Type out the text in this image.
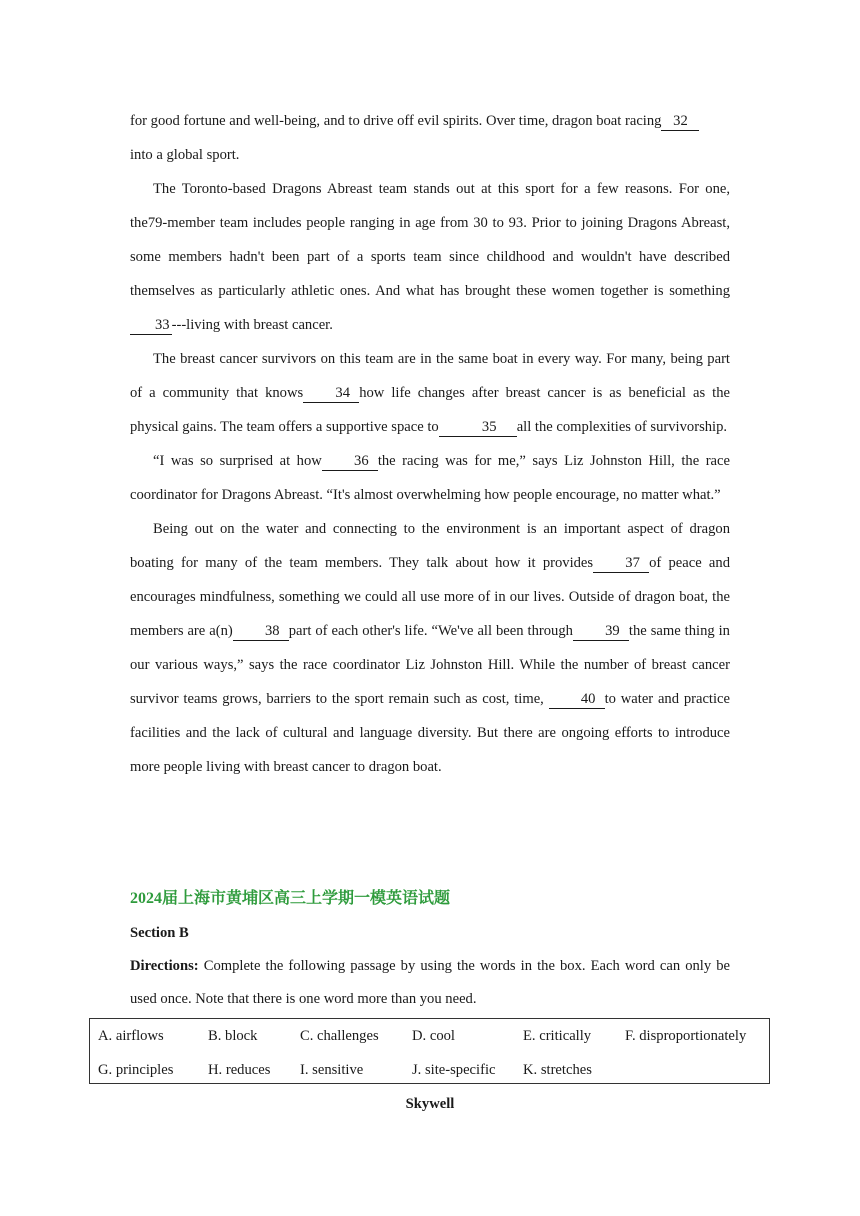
for good fortune and well-being, and to drive off evil spirits. Over time, dragon boat racing 32
into a global sport.

The Toronto-based Dragons Abreast team stands out at this sport for a few reasons. For one, the79-member team includes people ranging in age from 30 to 93. Prior to joining Dragons Abreast, some members hadn't been part of a sports team since childhood and wouldn't have described themselves as particularly athletic ones. And what has brought these women together is something33 ---living with breast cancer.

The breast cancer survivors on this team are in the same boat in every way. For many, being part of a community that knows 34 how life changes after breast cancer is as beneficial as the physical gains. The team offers a supportive space to	35 all the complexities of survivorship.

“I was so surprised at how 36 the racing was for me,” says Liz Johnston Hill, the race coordinator for Dragons Abreast. “It's almost overwhelming how people encourage, no matter what.”

Being out on the water and connecting to the environment is an important aspect of dragon boating for many of the team members. They talk about how it provides 37 of peace and encourages mindfulness, something we could all use more of in our lives. Outside of dragon boat, the members are a(n) 38 part of each other's life. “We've all been through 39 the same thing in our various ways,” says the race coordinator Liz Johnston Hill. While the number of breast cancer survivor teams grows, barriers to the sport remain such as cost, time, 40 to water and practice facilities and the lack of cultural and language diversity. But there are ongoing efforts to introduce more people living with breast cancer to dragon boat.

2024届上海市黄埔区高三上学期一模英语试题
Section B
Directions: Complete the following passage by using the words in the box. Each word can only be used once. Note that there is one word more than you need.
A. airflows	B. block	C. challenges D. cool	E. critically F. disproportionately
G. principles H. reduces I. sensitive	J. site-specific K. stretches
Skywell
